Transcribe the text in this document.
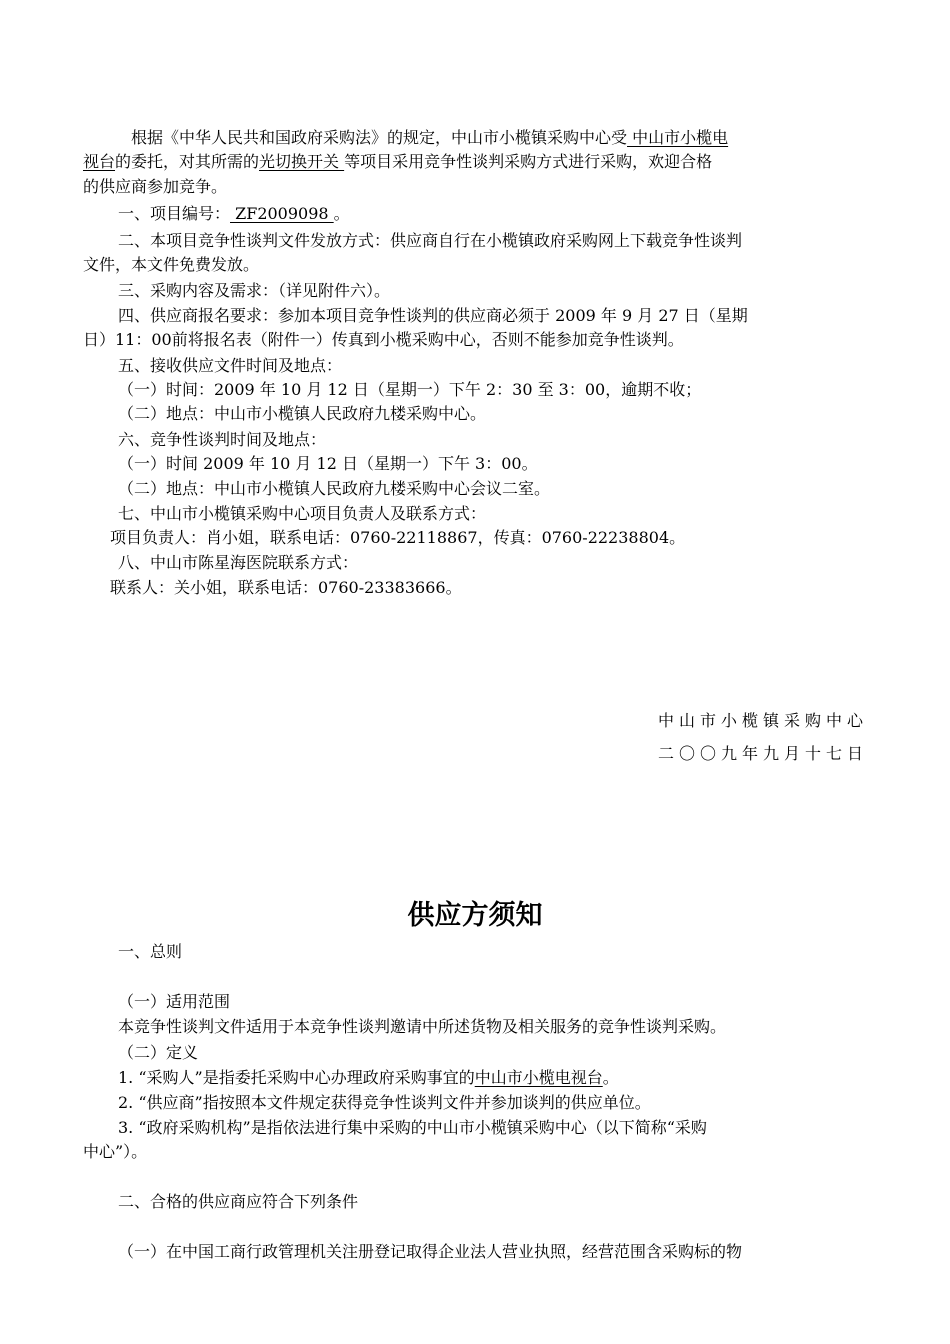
根据《中华人民共和国政府采购法》的规定，中山市小榄镇采购中心受 中山市小榄电
视台的委托，对其所需的光切换开关 等项目采用竞争性谈判采购方式进行采购，欢迎合格
的供应商参加竞争。
一、项目编号： ZF2009098 。
二、本项目竞争性谈判文件发放方式：供应商自行在小榄镇政府采购网上下载竞争性谈判
文件，本文件免费发放。
三、采购内容及需求：（详见附件六）。
四、供应商报名要求：参加本项目竞争性谈判的供应商必须于 2009 年 9 月 27 日（星期
日）11：00前将报名表（附件一）传真到小榄采购中心，否则不能参加竞争性谈判。
五、接收供应文件时间及地点：
（一）时间：2009 年 10 月 12 日（星期一）下午 2：30 至 3：00，逾期不收；
（二）地点：中山市小榄镇人民政府九楼采购中心。
六、竞争性谈判时间及地点：
（一）时间 2009 年 10 月 12 日（星期一）下午 3：00。
（二）地点：中山市小榄镇人民政府九楼采购中心会议二室。
七、中山市小榄镇采购中心项目负责人及联系方式：
项目负责人：肖小姐，联系电话：0760-22118867，传真：0760-22238804。
八、中山市陈星海医院联系方式：
联系人：关小姐，联系电话：0760-23383666。
中山市小榄镇采购中心
二〇〇九年九月十七日
供应方须知
一、总则
（一）适用范围
本竞争性谈判文件适用于本竞争性谈判邀请中所述货物及相关服务的竞争性谈判采购。
（二）定义
1. “采购人”是指委托采购中心办理政府采购事宜的中山市小榄电视台。
2. “供应商”指按照本文件规定获得竞争性谈判文件并参加谈判的供应单位。
3. “政府采购机构”是指依法进行集中采购的中山市小榄镇采购中心（以下简称“采购
中心”）。
二、合格的供应商应符合下列条件
（一）在中国工商行政管理机关注册登记取得企业法人营业执照，经营范围含采购标的物
